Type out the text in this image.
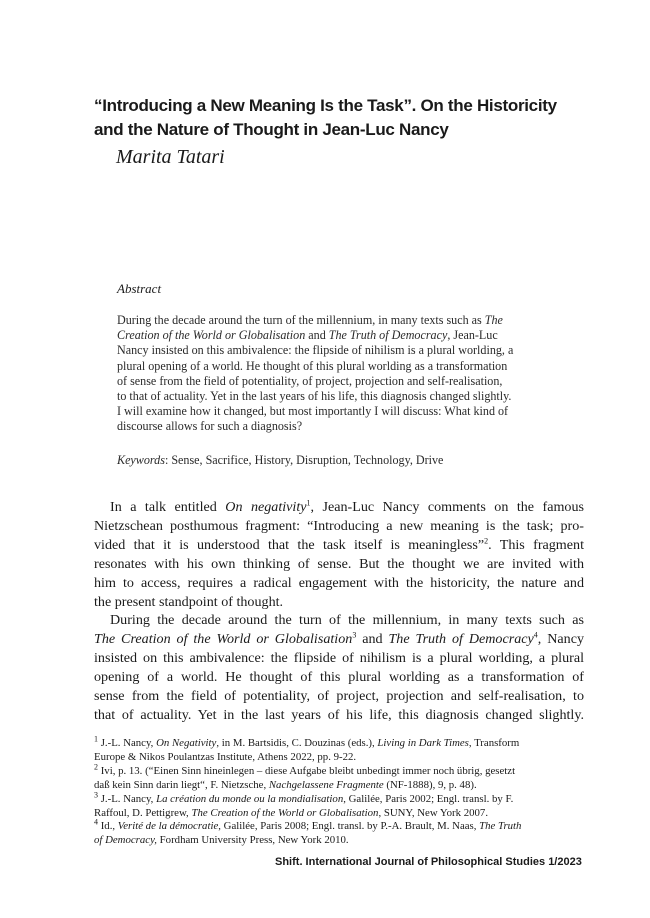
“Introducing a New Meaning Is the Task”. On the Historicity
and the Nature of Thought in Jean-Luc Nancy
Marita Tatari
Abstract
During the decade around the turn of the millennium, in many texts such as The
Creation of the World or Globalisation and The Truth of Democracy, Jean-Luc
Nancy insisted on this ambivalence: the flipside of nihilism is a plural worlding, a
plural opening of a world. He thought of this plural worlding as a transformation
of sense from the field of potentiality, of project, projection and self-realisation,
to that of actuality. Yet in the last years of his life, this diagnosis changed slightly.
I will examine how it changed, but most importantly I will discuss: What kind of
discourse allows for such a diagnosis?
Keywords: Sense, Sacrifice, History, Disruption, Technology, Drive
In a talk entitled On negativity$^1$, Jean-Luc Nancy comments on the famous
Nietzschean posthumous fragment: “Introducing a new meaning is the task; pro-
vided that it is understood that the task itself is meaningless”$^2$. This fragment
resonates with his own thinking of sense. But the thought we are invited with
him to access, requires a radical engagement with the historicity, the nature and
the present standpoint of thought.
During the decade around the turn of the millennium, in many texts such as
The Creation of the World or Globalisation$^3$ and The Truth of Democracy$^4$, Nancy
insisted on this ambivalence: the flipside of nihilism is a plural worlding, a plural
opening of a world. He thought of this plural worlding as a transformation of
sense from the field of potentiality, of project, projection and self-realisation, to
that of actuality. Yet in the last years of his life, this diagnosis changed slightly.
$^1$ J.-L. Nancy, On Negativity, in M. Bartsidis, C. Douzinas (eds.), Living in Dark Times, Transform
Europe & Nikos Poulantzas Institute, Athens 2022, pp. 9-22.
$^2$ Ivi, p. 13. (“Einen Sinn hineinlegen – diese Aufgabe bleibt unbedingt immer noch übrig, gesetzt
daß kein Sinn darin liegt“, F. Nietzsche, Nachgelassene Fragmente (NF-1888), 9, p. 48).
$^3$ J.-L. Nancy, La création du monde ou la mondialisation, Galilée, Paris 2002; Engl. transl. by F.
Raffoul, D. Pettigrew, The Creation of the World or Globalisation, SUNY, New York 2007.
$^4$ Id., Verité de la démocratie, Galilée, Paris 2008; Engl. transl. by P.-A. Brault, M. Naas, The Truth
of Democracy, Fordham University Press, New York 2010.
Shift. International Journal of Philosophical Studies 1/2023
